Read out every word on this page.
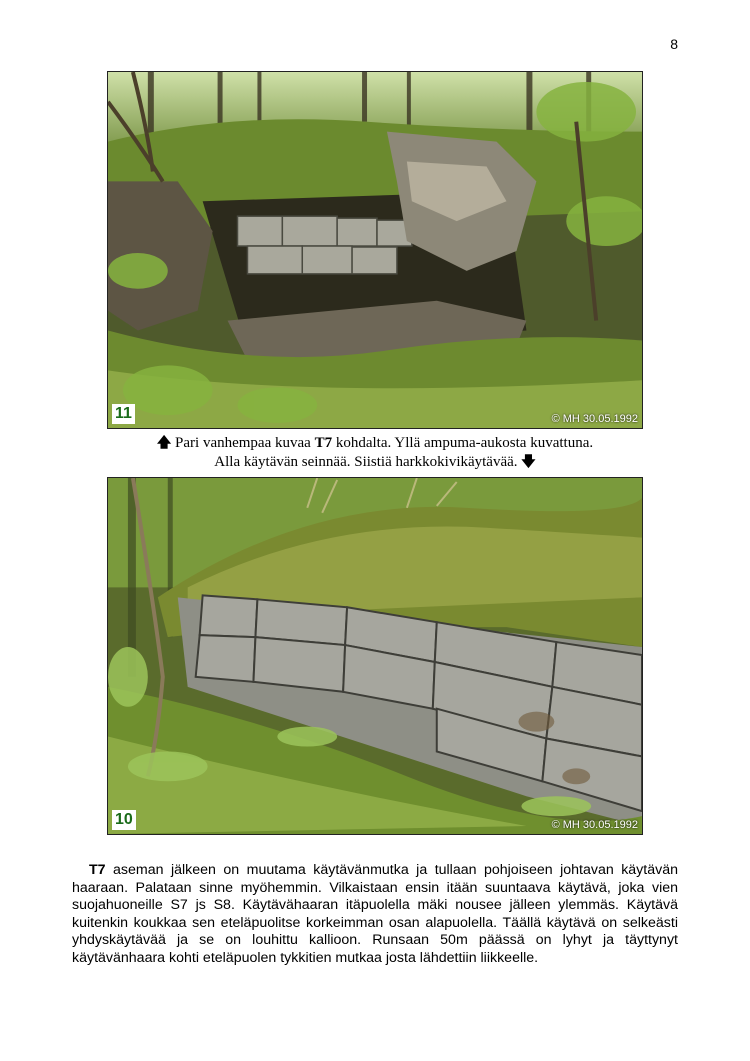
8
11	© MH 30.05.1992
🡅 Pari vanhempaa kuvaa T7 kohdalta. Yllä ampuma-aukosta kuvattuna.
Alla käytävän seinnää. Siistiä harkkokivikäytävää. 🡇
10	© MH 30.05.1992
T7 aseman jälkeen on muutama käytävänmutka ja tullaan pohjoiseen johtavan käytävän haaraan. Palataan sinne myöhemmin. Vilkaistaan ensin itään suuntaava käytävä, joka vien suojahuoneille S7 js S8. Käytävähaaran itäpuolella mäki nousee jälleen ylemmäs. Käytävä kuitenkin koukkaa sen eteläpuolitse korkeimman osan alapuolella. Täällä käytävä on selkeästi yhdyskäytävää ja se on louhittu kallioon. Runsaan 50m päässä on lyhyt ja täyttynyt käytävänhaara kohti eteläpuolen tykkitien mutkaa josta lähdettiin liikkeelle.
